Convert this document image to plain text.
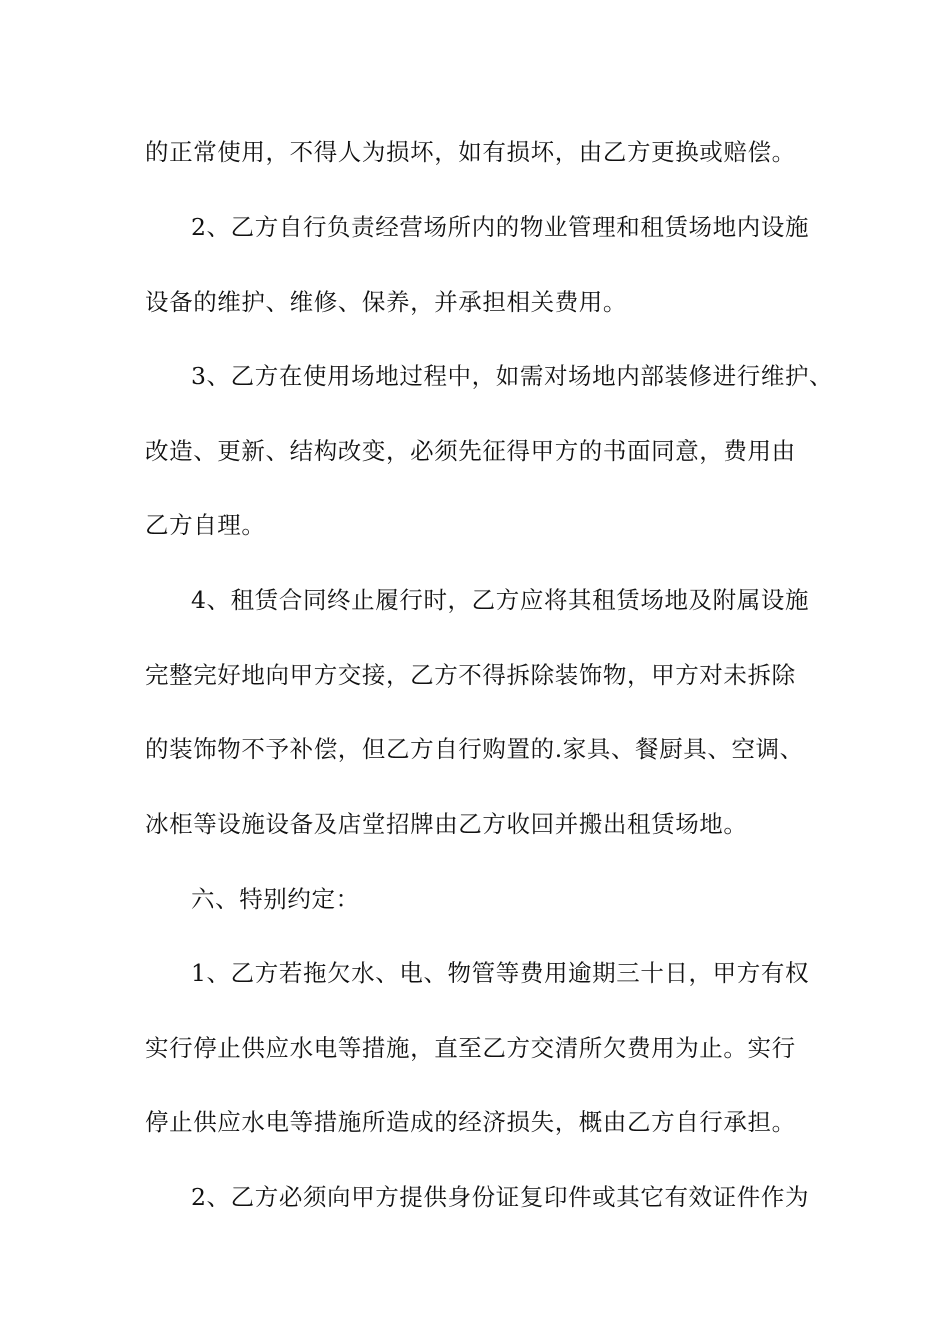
的正常使用，不得人为损坏，如有损坏，由乙方更换或赔偿。
2、乙方自行负责经营场所内的物业管理和租赁场地内设施
设备的维护、维修、保养，并承担相关费用。
3、乙方在使用场地过程中，如需对场地内部装修进行维护、
改造、更新、结构改变，必须先征得甲方的书面同意，费用由
乙方自理。
4、租赁合同终止履行时，乙方应将其租赁场地及附属设施
完整完好地向甲方交接，乙方不得拆除装饰物，甲方对未拆除
的装饰物不予补偿，但乙方自行购置的.家具、餐厨具、空调、
冰柜等设施设备及店堂招牌由乙方收回并搬出租赁场地。
六、特别约定：
1、乙方若拖欠水、电、物管等费用逾期三十日，甲方有权
实行停止供应水电等措施，直至乙方交清所欠费用为止。实行
停止供应水电等措施所造成的经济损失，概由乙方自行承担。
2、乙方必须向甲方提供身份证复印件或其它有效证件作为
